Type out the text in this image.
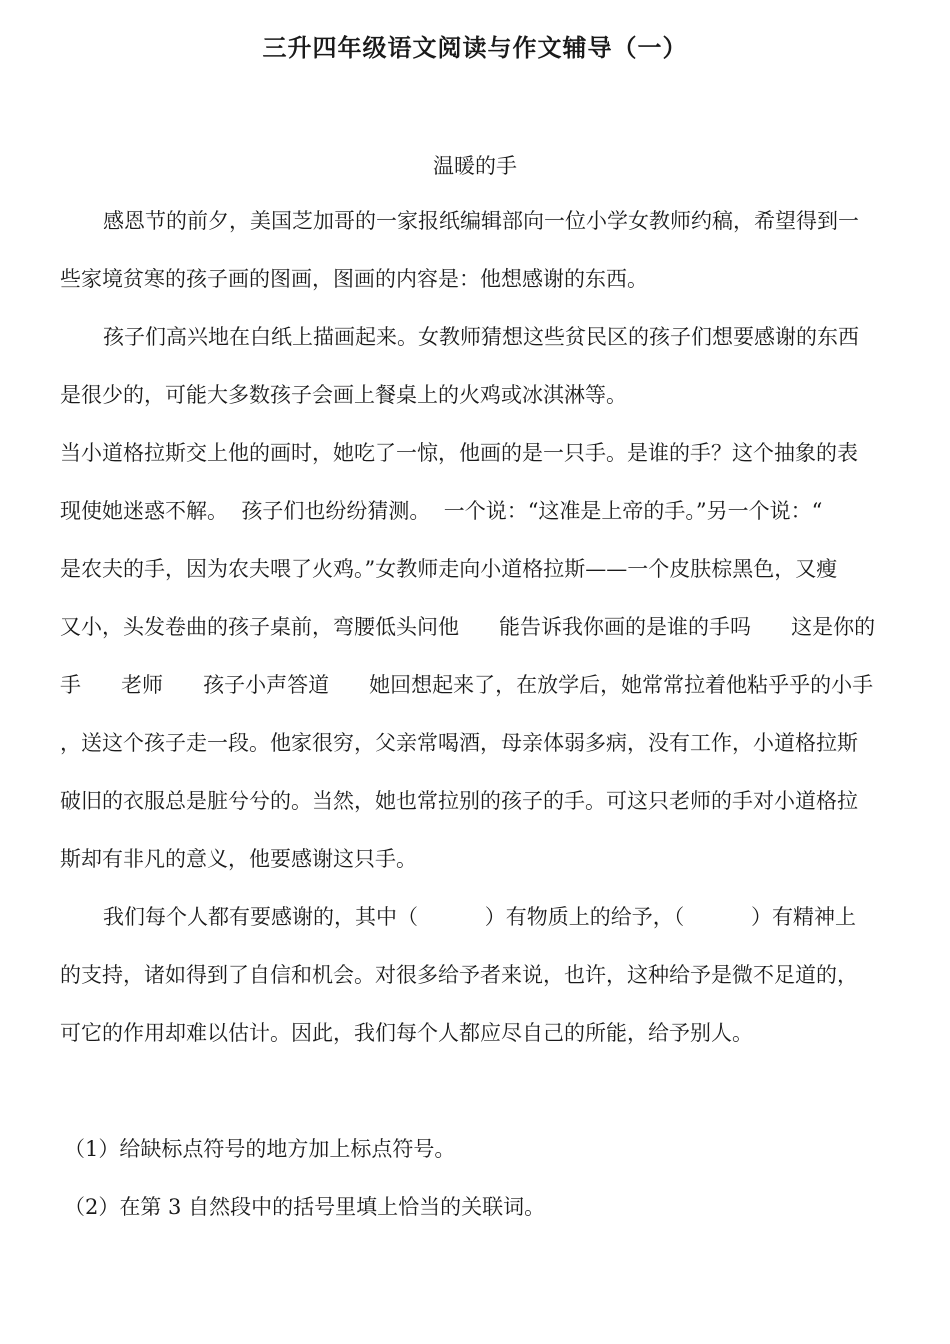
三升四年级语文阅读与作文辅导（一）
温暖的手
感恩节的前夕，美国芝加哥的一家报纸编辑部向一位小学女教师约稿，希望得到一
些家境贫寒的孩子画的图画，图画的内容是：他想感谢的东西。
孩子们高兴地在白纸上描画起来。女教师猜想这些贫民区的孩子们想要感谢的东西
是很少的，可能大多数孩子会画上餐桌上的火鸡或冰淇淋等。
当小道格拉斯交上他的画时，她吃了一惊，他画的是一只手。是谁的手？这个抽象的表
现使她迷惑不解。  孩子们也纷纷猜测。  一个说：“这准是上帝的手。”另一个说：“
是农夫的手，因为农夫喂了火鸡。”女教师走向小道格拉斯——一个皮肤棕黑色，又瘦
又小，头发卷曲的孩子桌前，弯腰低头问他      能告诉我你画的是谁的手吗      这是你的
手      老师      孩子小声答道      她回想起来了，在放学后，她常常拉着他粘乎乎的小手
，送这个孩子走一段。他家很穷，父亲常喝酒，母亲体弱多病，没有工作，小道格拉斯
破旧的衣服总是脏兮兮的。当然，她也常拉别的孩子的手。可这只老师的手对小道格拉
斯却有非凡的意义，他要感谢这只手。
我们每个人都有要感谢的，其中（          ）有物质上的给予，（          ）有精神上
的支持，诸如得到了自信和机会。对很多给予者来说，也许，这种给予是微不足道的，
可它的作用却难以估计。因此，我们每个人都应尽自己的所能，给予别人。
（1）给缺标点符号的地方加上标点符号。
（2）在第 3 自然段中的括号里填上恰当的关联词。
